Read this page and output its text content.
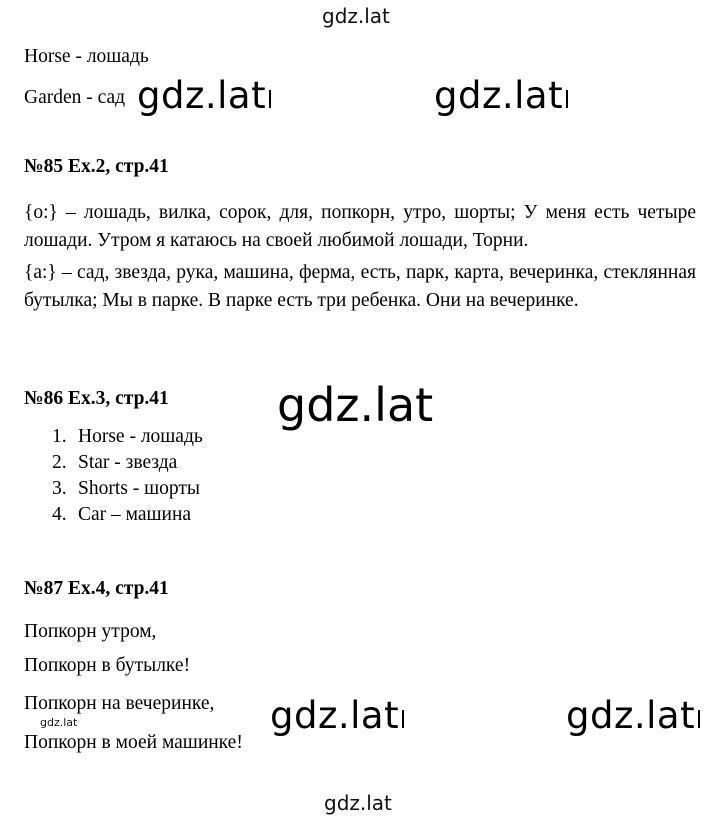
gdz.lat
Horse - лошадь
Garden - сад gdz.lat	gdz.lat
№85 Ex.2, стр.41
{o:} – лошадь, вилка, сорок, для, попкорн, утро, шорты; У меня есть четыре лошади. Утром я катаюсь на своей любимой лошади, Торни.
{a:} – сад, звезда, рука, машина, ферма, есть, парк, карта, вечеринка, стеклянная бутылка; Мы в парке. В парке есть три ребенка. Они на вечеринке.
№86 Ex.3, стр.41 gdz.lat
1. Horse - лошадь
2. Star - звезда
3. Shorts - шорты
4. Car – машина
№87 Ex.4, стр.41
Попкорн утром,
Попкорн в бутылке!
Попкорн на вечеринке,
gdz.lat
Попкорн в моей машинке!
gdz.lat	gdz.lat
gdz.lat
